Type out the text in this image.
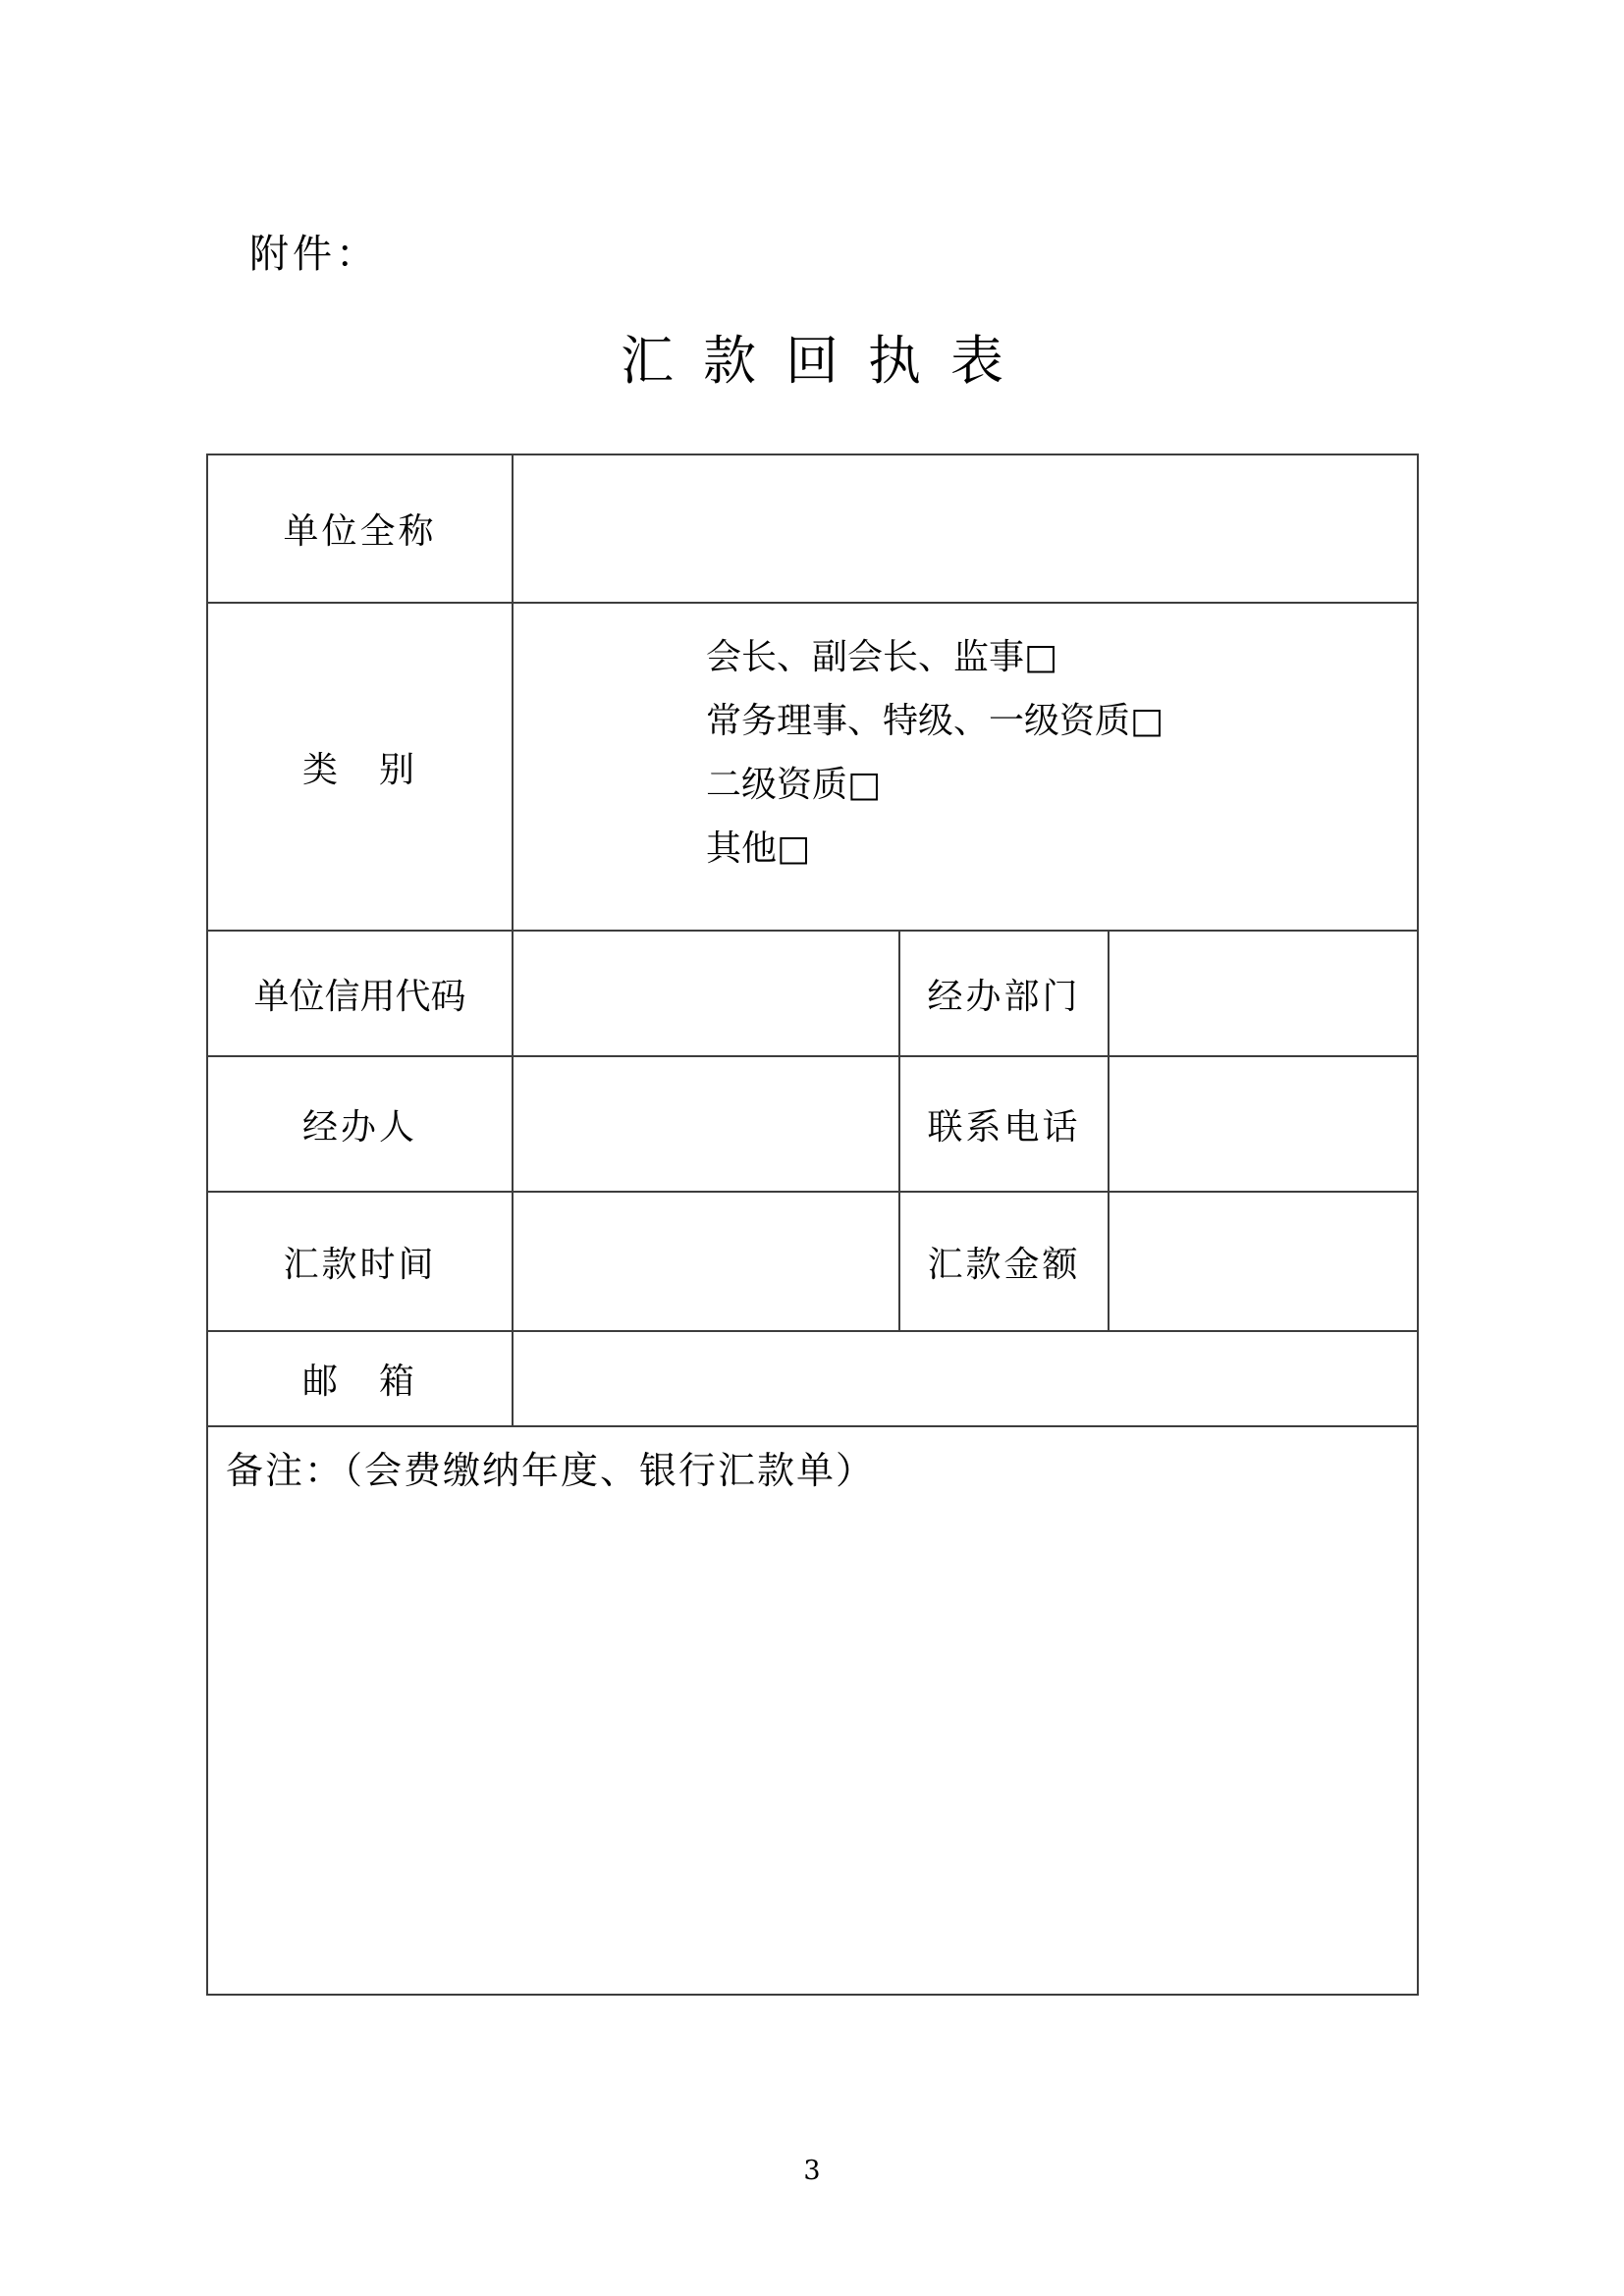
附件：
汇款回执表
单位全称			
类　别	会长、副会长、监事□
常务理事、特级、一级资质□
二级资质□
其他□		

单位信用代码		经办部门	
经办人		联系电话	
汇款时间		汇款金额	
邮　箱			

备注：（会费缴纳年度、银行汇款单）			
3
